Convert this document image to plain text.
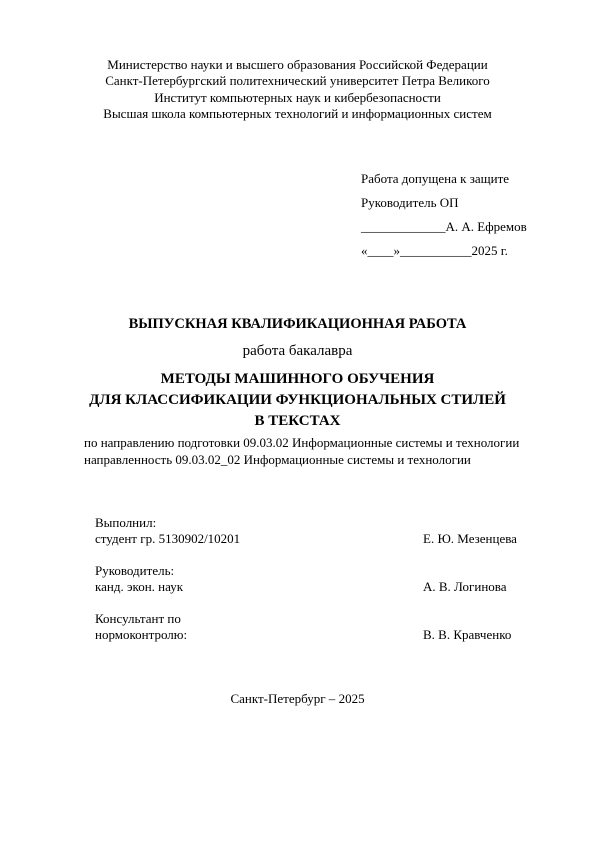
Министерство науки и высшего образования Российской Федерации
Санкт-Петербургский политехнический университет Петра Великого
Институт компьютерных наук и кибербезопасности
Высшая школа компьютерных технологий и информационных систем
Работа допущена к защите
Руководитель ОП
_____________А. А. Ефремов
«____»___________2025 г.
ВЫПУСКНАЯ КВАЛИФИКАЦИОННАЯ РАБОТА
работа бакалавра
МЕТОДЫ МАШИННОГО ОБУЧЕНИЯ
ДЛЯ КЛАССИФИКАЦИИ ФУНКЦИОНАЛЬНЫХ СТИЛЕЙ
В ТЕКСТАХ
по направлению подготовки 09.03.02 Информационные системы и технологии
направленность 09.03.02_02 Информационные системы и технологии
Выполнил:
студент гр. 5130902/10201	Е. Ю. Мезенцева
Руководитель:
канд. экон. наук	А. В. Логинова
Консультант по
нормоконтролю:	В. В. Кравченко
Санкт-Петербург – 2025
